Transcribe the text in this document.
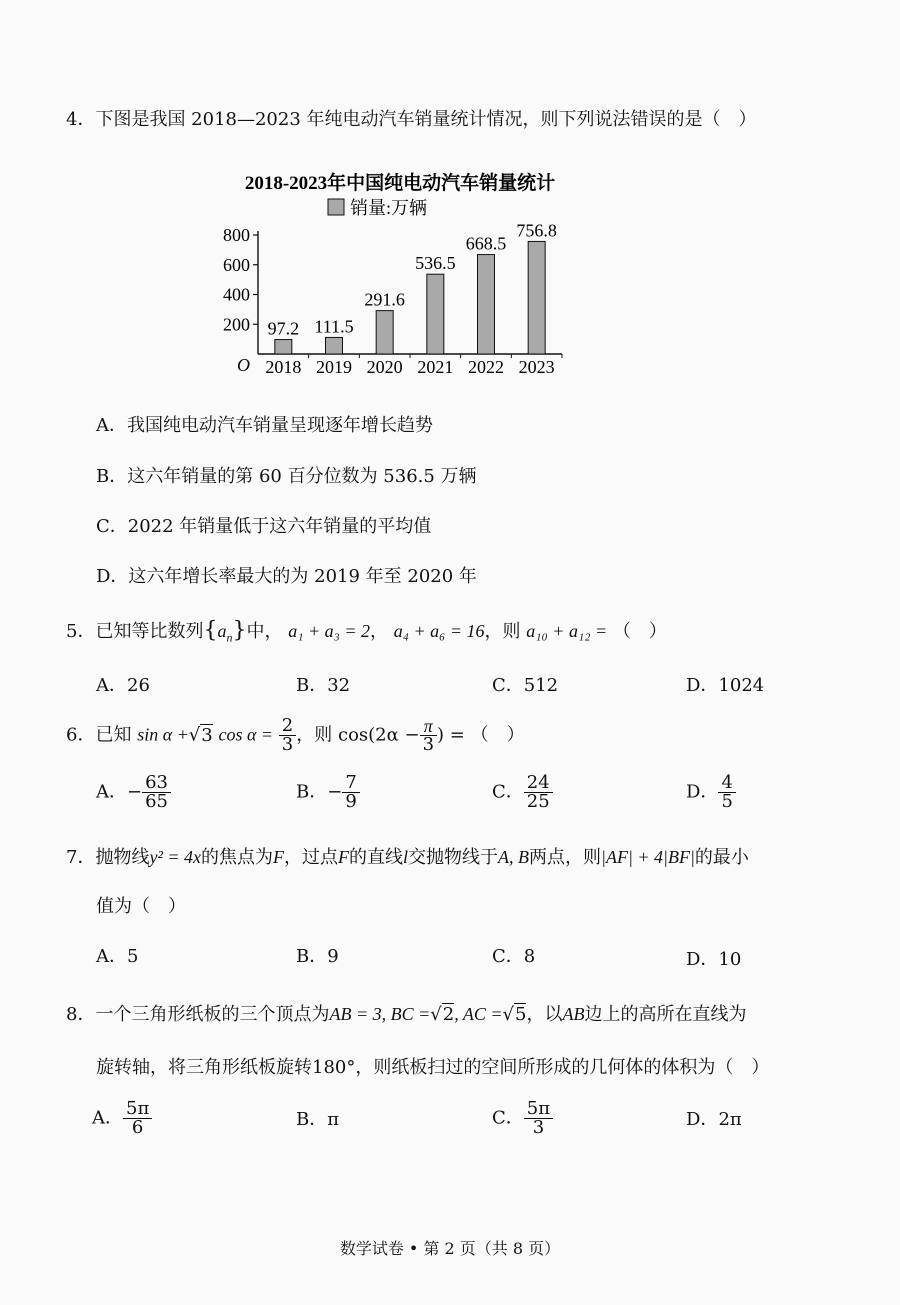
4．下图是我国 2018—2023 年纯电动汽车销量统计情况，则下列说法错误的是（　）
2018-2023年中国纯电动汽车销量统计
销量:万辆
O
200
400
600
800
97.2 111.5
291.6
536.5
668.5
756.8
2018 2019 2020 2021 2022 2023
A．我国纯电动汽车销量呈现逐年增长趋势
B．这六年销量的第 60 百分位数为 536.5 万辆
C．2022 年销量低于这六年销量的平均值
D．这六年增长率最大的为 2019 年至 2020 年
5．已知等比数列$\{a_n\}$中， a₁ + a₃ = 2， a₄ + a₆ = 16，则 a₁₀ + a₁₂ = （　）
A．26	B．32	C．512	D．1024
6．已知 sin α +√3 $\cos \alpha = \frac{2}{3}$ ，则 $\cos(2\alpha - \frac{\pi}{3}$ ) = （　）
A．− $\frac{63}{65}$	B．− $\frac{7}{9}$	C． $\frac{24}{25}$	D． $\frac{4}{5}$
7．抛物线y² = 4x的焦点为F，过点F的直线l交抛物线于A, B两点，则|AF| + 4|BF|的最小
值为（　）
A．5	B．9	C．8	D．10
8．一个三角形纸板的三个顶点为AB = 3, BC =√2, AC =√5，以AB边上的高所在直线为
旋转轴，将三角形纸板旋转180°，则纸板扫过的空间所形成的几何体的体积为（　）
A． $\frac{5\pi}{6}$	B．π	C． $\frac{5\pi}{3}$	D．2π
数学试卷 • 第 2 页（共 8 页）
